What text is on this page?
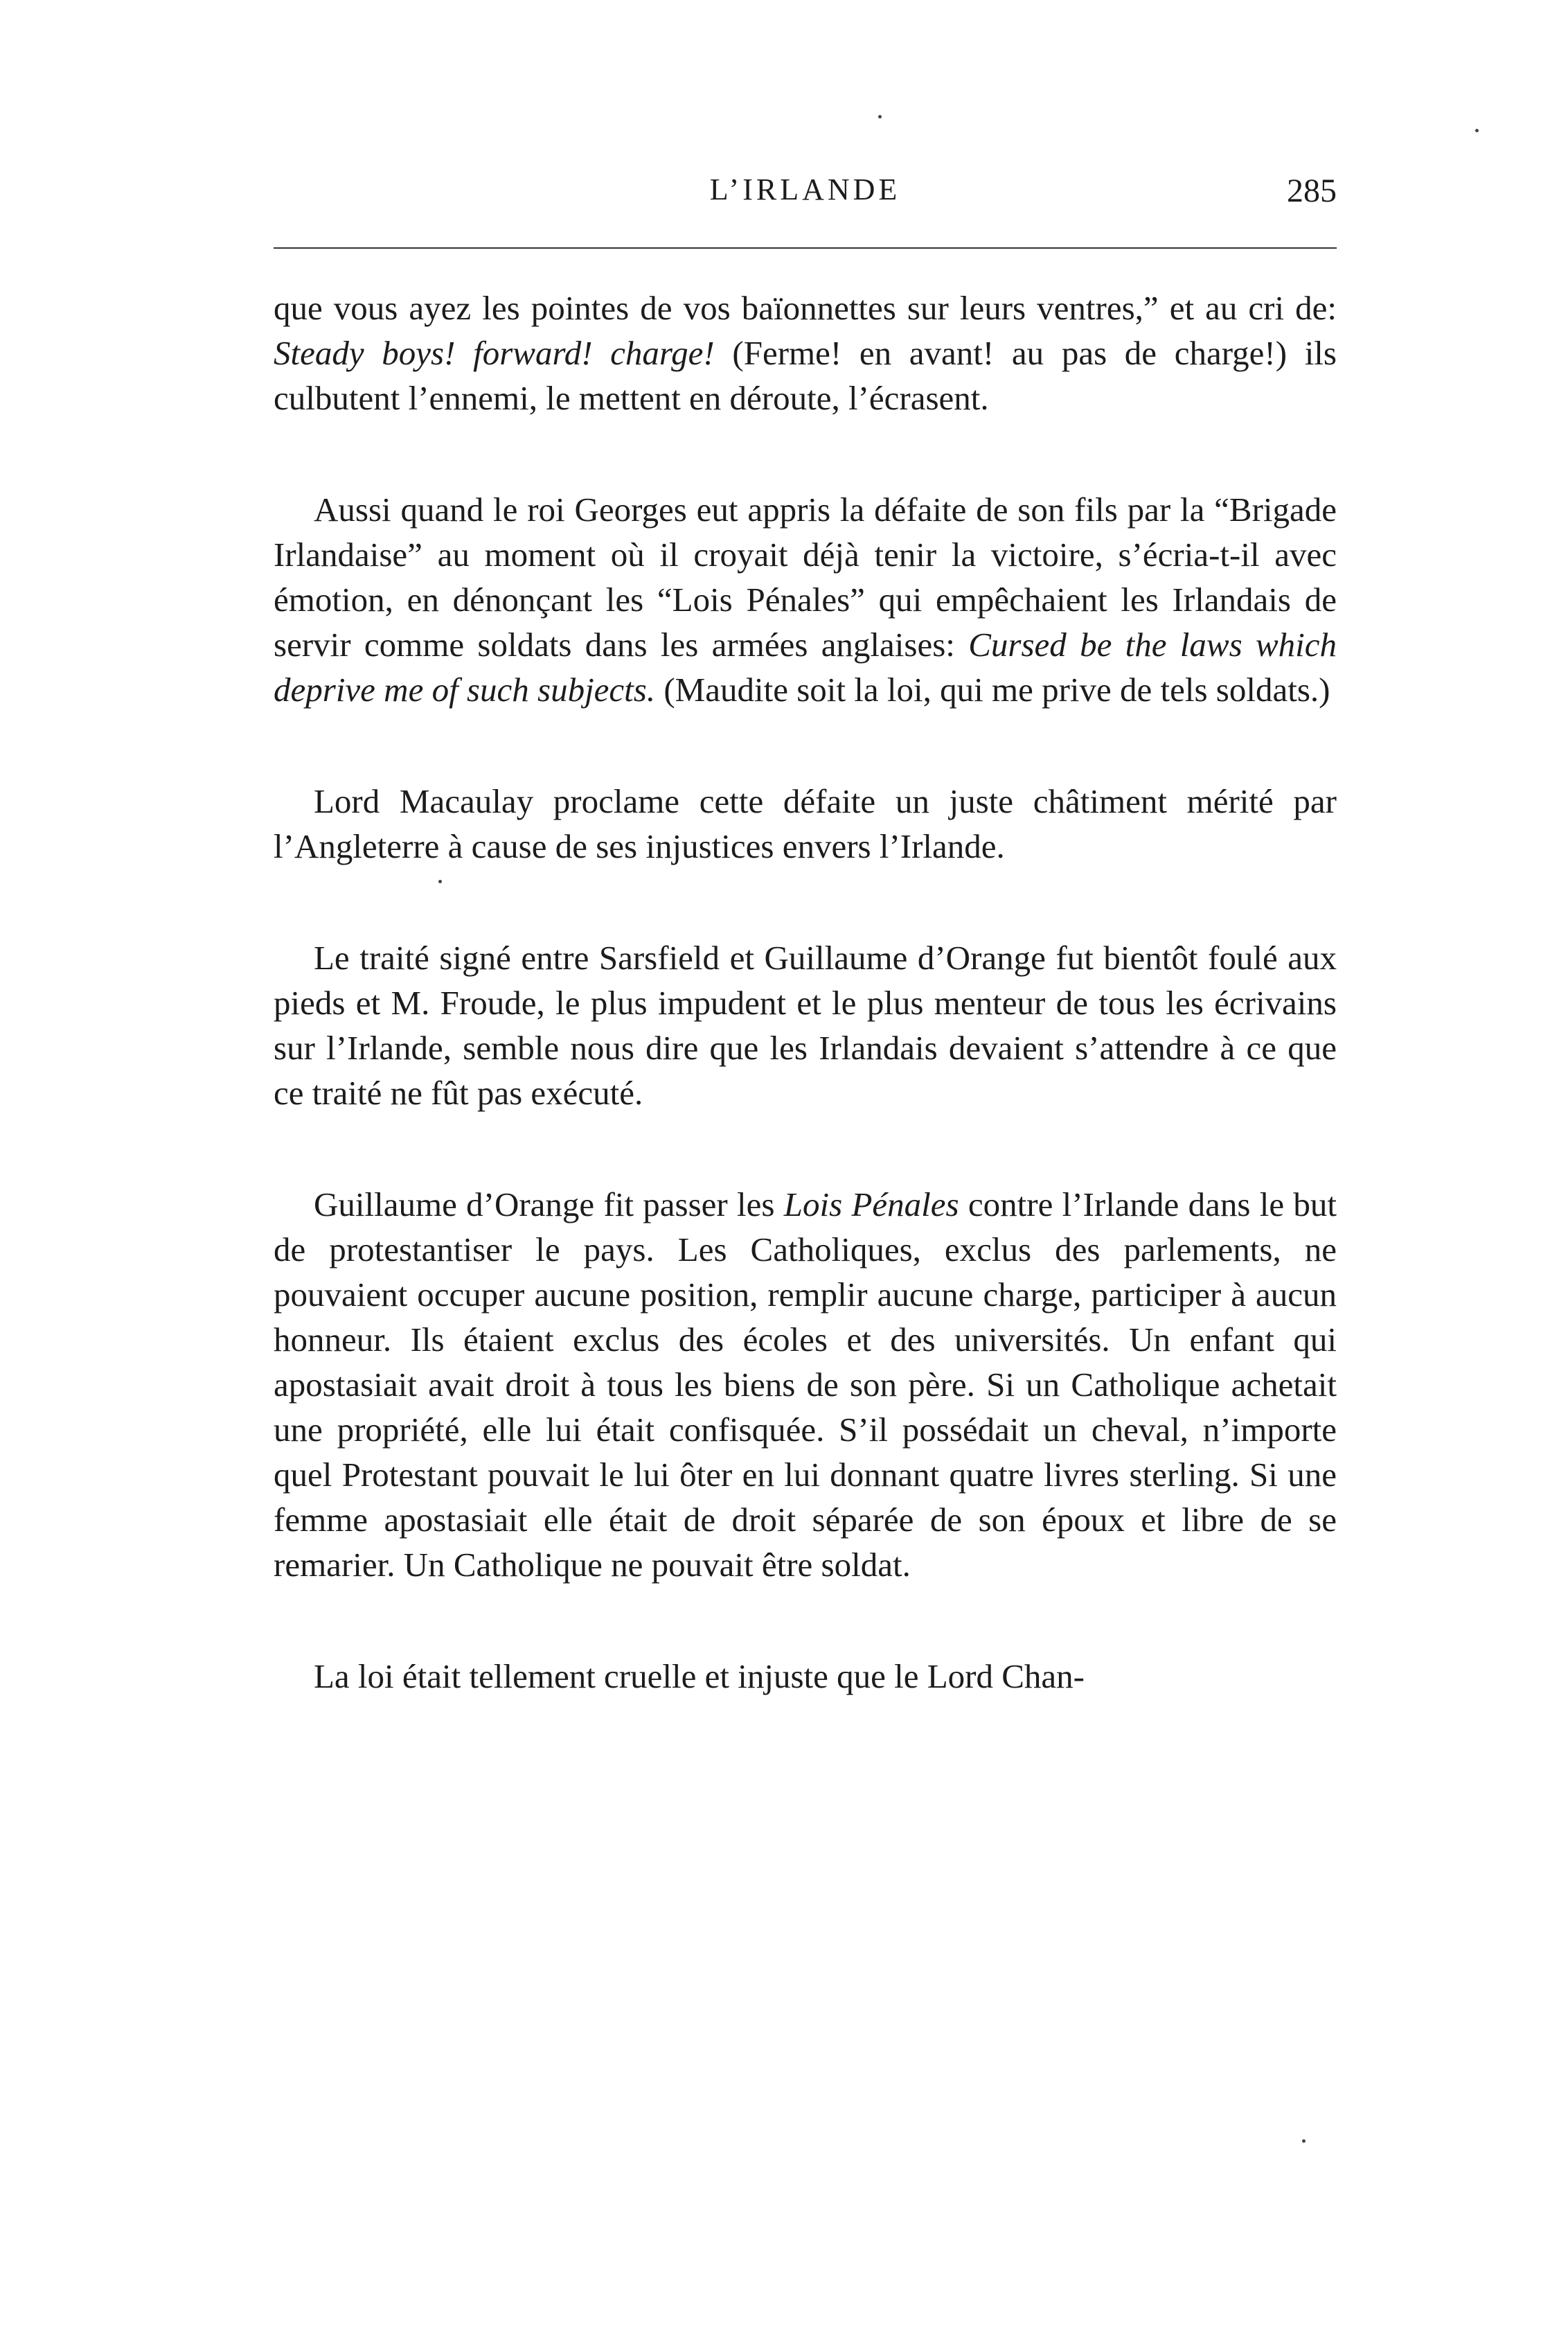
L’IRLANDE	285

que vous ayez les pointes de vos baïonnettes sur leurs ventres,” et au cri de: Steady boys! forward! charge! (Ferme! en avant! au pas de charge!) ils culbutent l’ennemi, le mettent en déroute, l’écrasent.

Aussi quand le roi Georges eut appris la défaite de son fils par la “Brigade Irlandaise” au moment où il croyait déjà tenir la victoire, s’écria-t-il avec émotion, en dénonçant les “Lois Pénales” qui empêchaient les Irlandais de servir comme soldats dans les armées anglaises: Cursed be the laws which deprive me of such subjects. (Maudite soit la loi, qui me prive de tels soldats.)

Lord Macaulay proclame cette défaite un juste châtiment mérité par l’Angleterre à cause de ses injustices envers l’Irlande.

Le traité signé entre Sarsfield et Guillaume d’Orange fut bientôt foulé aux pieds et M. Froude, le plus impudent et le plus menteur de tous les écrivains sur l’Irlande, semble nous dire que les Irlandais devaient s’attendre à ce que ce traité ne fût pas exécuté.

Guillaume d’Orange fit passer les Lois Pénales contre l’Irlande dans le but de protestantiser le pays. Les Catholiques, exclus des parlements, ne pouvaient occuper aucune position, remplir aucune charge, participer à aucun honneur. Ils étaient exclus des écoles et des universités. Un enfant qui apostasiait avait droit à tous les biens de son père. Si un Catholique achetait une propriété, elle lui était confisquée. S’il possédait un cheval, n’importe quel Protestant pouvait le lui ôter en lui donnant quatre livres sterling. Si une femme apostasiait elle était de droit séparée de son époux et libre de se remarier. Un Catholique ne pouvait être soldat.

La loi était tellement cruelle et injuste que le Lord Chan-
